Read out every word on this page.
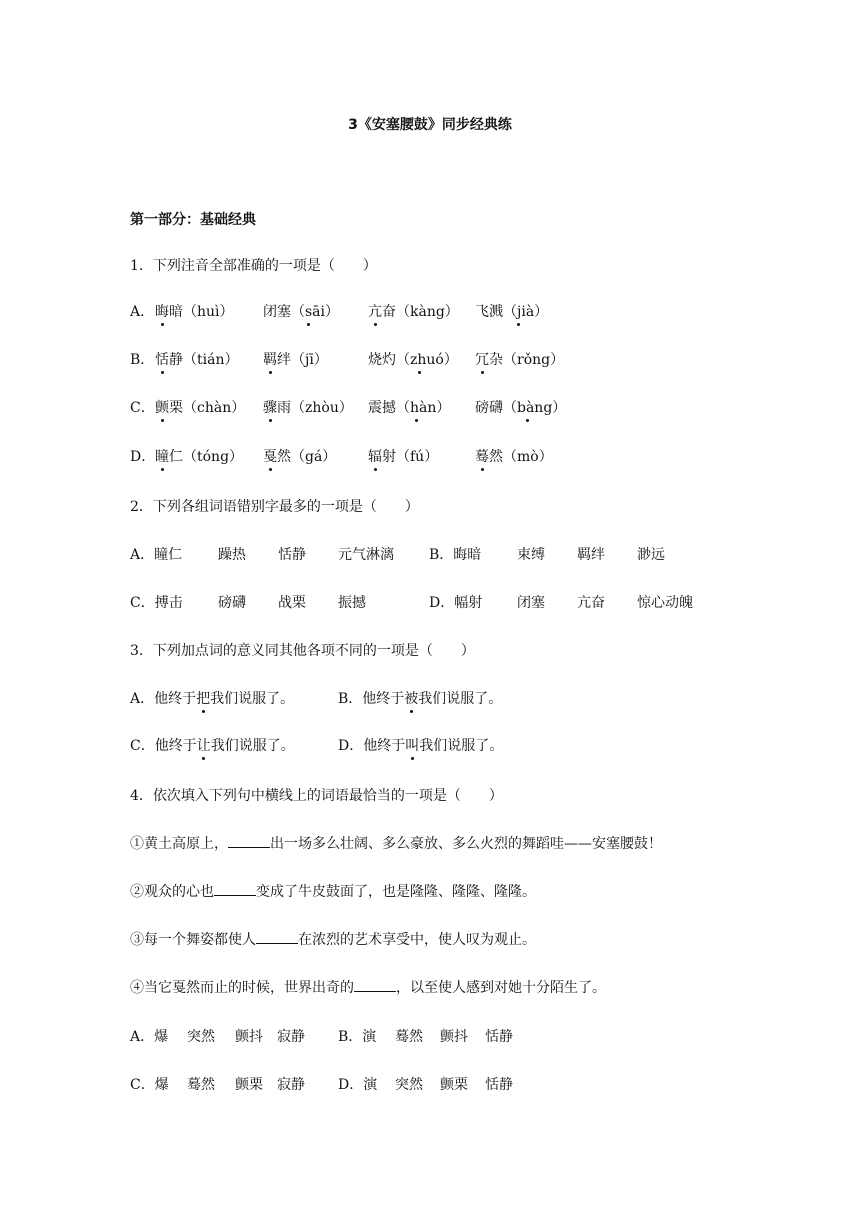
3《安塞腰鼓》同步经典练
第一部分：基础经典
1．下列注音全部准确的一项是（　　）
A． 晦暗（huì） 闭塞（sāi） 亢奋（kàng） 飞溅（jià）
B． 恬静（tián） 羁绊（jī）	烧灼（zhuó） 冗杂（rǒng）
C． 颤栗（chàn） 骤雨（zhòu） 震撼（hàn） 磅礴（bàng）
D． 瞳仁（tóng） 戛然（gá） 辐射（fú）	蓦然（mò）
2．下列各组词语错别字最多的一项是（　　）
A．瞳仁	躁热 恬静 元气淋漓	B．晦暗	束缚 羁绊 渺远
C．搏击	磅礴 战栗 振撼	D．幅射 闭塞 亢奋 惊心动魄
3．下列加点词的意义同其他各项不同的一项是（　　）
A．他终于把我们说服了。	B．他终于被我们说服了。
C．他终于让我们说服了。	D．他终于叫我们说服了。
4．依次填入下列句中横线上的词语最恰当的一项是（　　）
①黄土高原上，	出一场多么壮阔、多么豪放、多么火烈的舞蹈哇——安塞腰鼓！
②观众的心也	变成了牛皮鼓面了，也是隆隆、隆隆、隆隆。
③每一个舞姿都使人	在浓烈的艺术享受中，使人叹为观止。
④当它戛然而止的时候，世界出奇的	，以至使人感到对她十分陌生了。
A．爆 突然 颤抖 寂静 B．演 蓦然 颤抖 恬静
C．爆 蓦然 颤栗 寂静 D．演 突然 颤栗 恬静
